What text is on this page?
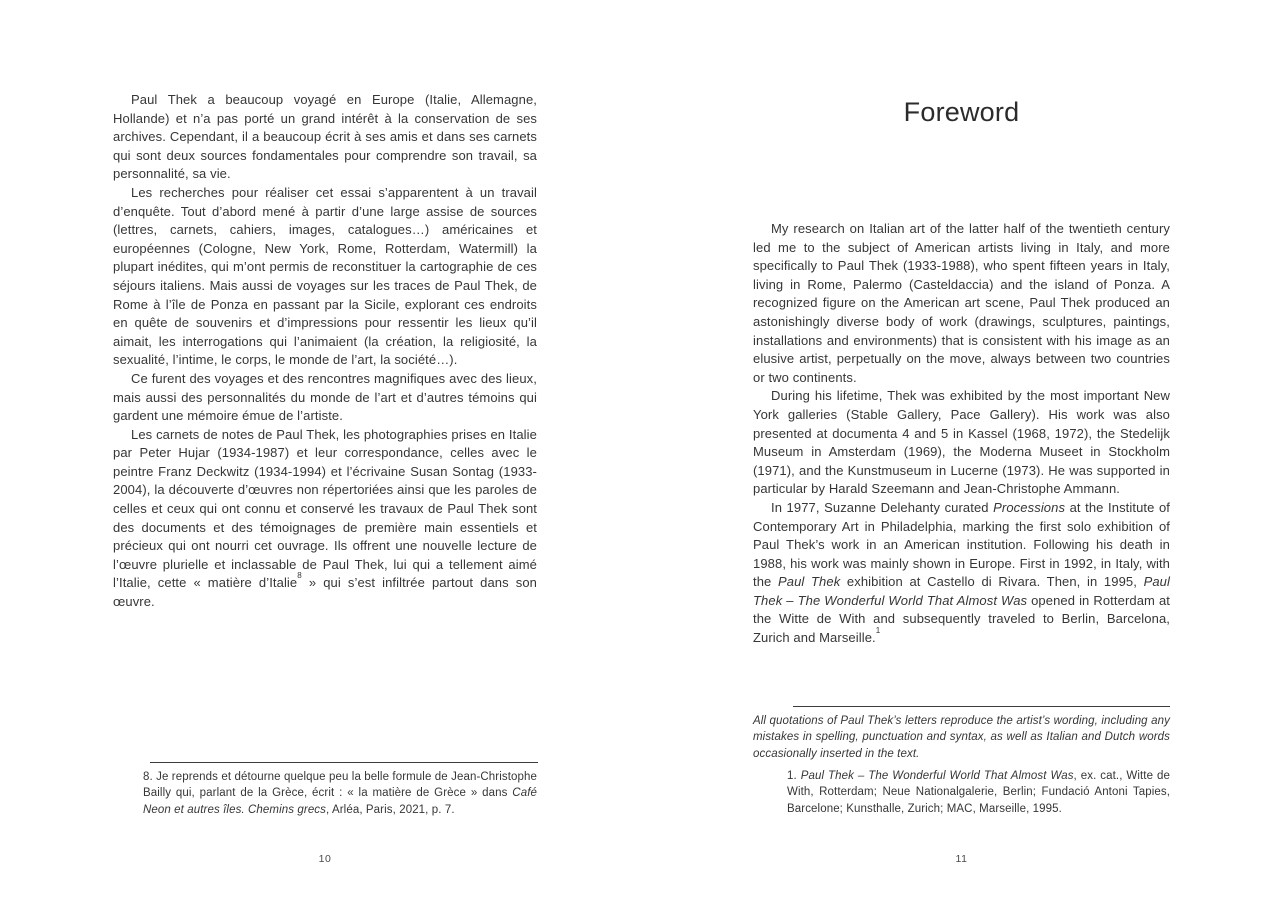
Paul Thek a beaucoup voyagé en Europe (Italie, Allemagne, Hollande) et n’a pas porté un grand intérêt à la conservation de ses archives. Cependant, il a beaucoup écrit à ses amis et dans ses carnets qui sont deux sources fondamentales pour comprendre son travail, sa personnalité, sa vie.

Les recherches pour réaliser cet essai s’apparentent à un travail d’enquête. Tout d’abord mené à partir d’une large assise de sources (lettres, carnets, cahiers, images, catalogues…) américaines et européennes (Cologne, New York, Rome, Rotterdam, Watermill) la plupart inédites, qui m’ont permis de reconstituer la cartographie de ces séjours italiens. Mais aussi de voyages sur les traces de Paul Thek, de Rome à l’île de Ponza en passant par la Sicile, explorant ces endroits en quête de souvenirs et d’impressions pour ressentir les lieux qu’il aimait, les interrogations qui l’animaient (la création, la religiosité, la sexualité, l’intime, le corps, le monde de l’art, la société…).

Ce furent des voyages et des rencontres magnifiques avec des lieux, mais aussi des personnalités du monde de l’art et d’autres témoins qui gardent une mémoire émue de l’artiste.

Les carnets de notes de Paul Thek, les photographies prises en Italie par Peter Hujar (1934-1987) et leur correspondance, celles avec le peintre Franz Deckwitz (1934-1994) et l’écrivaine Susan Sontag (1933-2004), la découverte d’œuvres non répertoriées ainsi que les paroles de celles et ceux qui ont connu et conservé les travaux de Paul Thek sont des documents et des témoignages de première main essentiels et précieux qui ont nourri cet ouvrage. Ils offrent une nouvelle lecture de l’œuvre plurielle et inclassable de Paul Thek, lui qui a tellement aimé l’Italie, cette « matière d’Italie$^8$ » qui s’est infiltrée partout dans son œuvre.

8. Je reprends et détourne quelque peu la belle formule de Jean-Christophe Bailly qui, parlant de la Grèce, écrit : « la matière de Grèce » dans Café Neon et autres îles. Chemins grecs, Arléa, Paris, 2021, p. 7.
10
Foreword

My research on Italian art of the latter half of the twentieth century led me to the subject of American artists living in Italy, and more specifically to Paul Thek (1933-1988), who spent fifteen years in Italy, living in Rome, Palermo (Casteldaccia) and the island of Ponza. A recognized figure on the American art scene, Paul Thek produced an astonishingly diverse body of work (drawings, sculptures, paintings, installations and environments) that is consistent with his image as an elusive artist, perpetually on the move, always between two countries or two continents.

During his lifetime, Thek was exhibited by the most important New York galleries (Stable Gallery, Pace Gallery). His work was also presented at documenta 4 and 5 in Kassel (1968, 1972), the Stedelijk Museum in Amsterdam (1969), the Moderna Museet in Stockholm (1971), and the Kunstmuseum in Lucerne (1973). He was supported in particular by Harald Szeemann and Jean-Christophe Ammann.

In 1977, Suzanne Delehanty curated Processions at the Institute of Contemporary Art in Philadelphia, marking the first solo exhibition of Paul Thek’s work in an American institution. Following his death in 1988, his work was mainly shown in Europe. First in 1992, in Italy, with the Paul Thek exhibition at Castello di Rivara. Then, in 1995, Paul Thek – The Wonderful World That Almost Was opened in Rotterdam at the Witte de With and subsequently traveled to Berlin, Barcelona, Zurich and Marseille.$^1$

All quotations of Paul Thek’s letters reproduce the artist’s wording, including any mistakes in spelling, punctuation and syntax, as well as Italian and Dutch words occasionally inserted in the text.
1. Paul Thek – The Wonderful World That Almost Was, ex. cat., Witte de With, Rotterdam; Neue Nationalgalerie, Berlin; Fundació Antoni Tapies, Barcelone; Kunsthalle, Zurich; MAC, Marseille, 1995.
11
